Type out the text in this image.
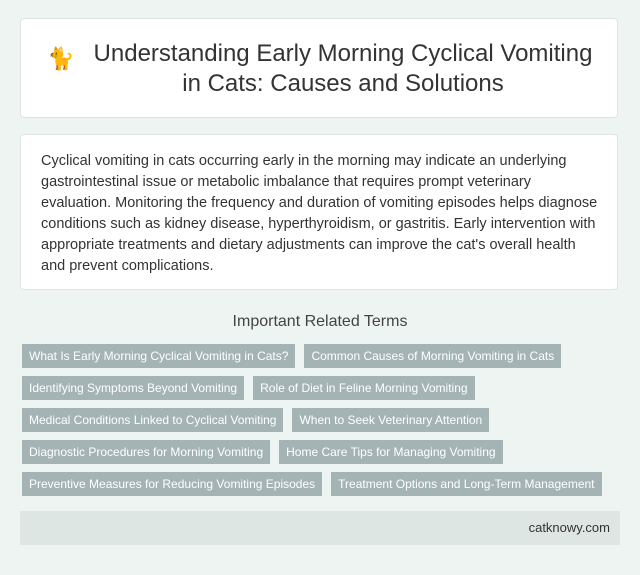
🐈 Understanding Early Morning Cyclical Vomiting in Cats: Causes and Solutions

Cyclical vomiting in cats occurring early in the morning may indicate an underlying gastrointestinal issue or metabolic imbalance that requires prompt veterinary evaluation. Monitoring the frequency and duration of vomiting episodes helps diagnose conditions such as kidney disease, hyperthyroidism, or gastritis. Early intervention with appropriate treatments and dietary adjustments can improve the cat's overall health and prevent complications.

Important Related Terms
What Is Early Morning Cyclical Vomiting in Cats?	Common Causes of Morning Vomiting in Cats
Identifying Symptoms Beyond Vomiting	Role of Diet in Feline Morning Vomiting
Medical Conditions Linked to Cyclical Vomiting	When to Seek Veterinary Attention
Diagnostic Procedures for Morning Vomiting	Home Care Tips for Managing Vomiting
Preventive Measures for Reducing Vomiting Episodes	Treatment Options and Long-Term Management
catknowy.com
